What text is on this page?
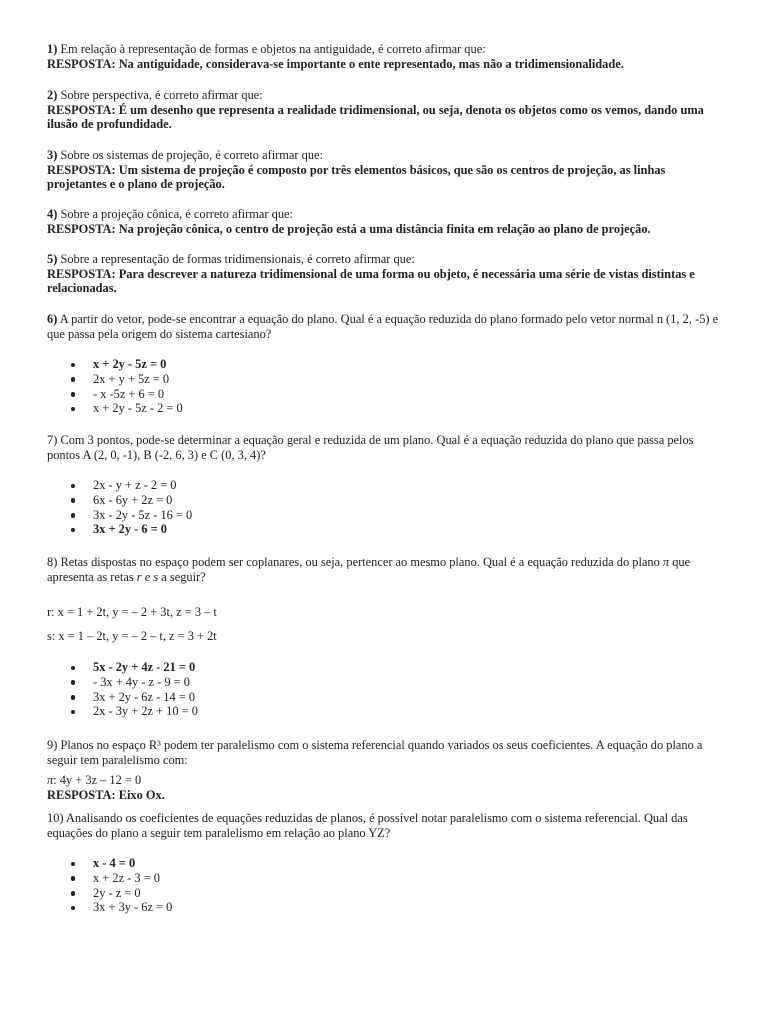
1) Em relação à representação de formas e objetos na antiguidade, é correto afirmar que:
RESPOSTA: Na antiguidade, considerava-se importante o ente representado, mas não a tridimensionalidade.

2) Sobre perspectiva, é correto afirmar que:
RESPOSTA: É um desenho que representa a realidade tridimensional, ou seja, denota os objetos como os vemos, dando uma ilusão de profundidade.

3) Sobre os sistemas de projeção, é correto afirmar que:
RESPOSTA: Um sistema de projeção é composto por três elementos básicos, que são os centros de projeção, as linhas projetantes e o plano de projeção.

4) Sobre a projeção cônica, é correto afirmar que:
RESPOSTA: Na projeção cônica, o centro de projeção está a uma distância finita em relação ao plano de projeção.

5) Sobre a representação de formas tridimensionais, é correto afirmar que:
RESPOSTA: Para descrever a natureza tridimensional de uma forma ou objeto, é necessária uma série de vistas distintas e relacionadas.

6) A partir do vetor, pode-se encontrar a equação do plano. Qual é a equação reduzida do plano formado pelo vetor normal n (1, 2, -5) e que passa pela origem do sistema cartesiano?

x + 2y - 5z = 0
2x + y + 5z = 0
- x -5z + 6 = 0
x + 2y - 5z - 2 = 0

7) Com 3 pontos, pode-se determinar a equação geral e reduzida de um plano. Qual é a equação reduzida do plano que passa pelos pontos A (2, 0, -1), B (-2, 6, 3) e C (0, 3, 4)?

2x - y + z - 2 = 0
6x - 6y + 2z = 0
3x - 2y - 5z - 16 = 0
3x + 2y - 6 = 0

8) Retas dispostas no espaço podem ser coplanares, ou seja, pertencer ao mesmo plano. Qual é a equação reduzida do plano π que apresenta as retas r e s a seguir?

r: x = 1 + 2t, y = – 2 + 3t, z = 3 – t
s: x = 1 – 2t, y = – 2 – t, z = 3 + 2t
5x - 2y + 4z - 21 = 0
- 3x + 4y - z - 9 = 0
3x + 2y - 6z - 14 = 0
2x - 3y + 2z + 10 = 0

9) Planos no espaço R³ podem ter paralelismo com o sistema referencial quando variados os seus coeficientes. A equação do plano a seguir tem paralelismo com:

π: 4y + 3z – 12 = 0
RESPOSTA: Eixo Ox.

10) Analisando os coeficientes de equações reduzidas de planos, é possível notar paralelismo com o sistema referencial. Qual das equações do plano a seguir tem paralelismo em relação ao plano YZ?

x - 4 = 0
x + 2z - 3 = 0
2y - z = 0
3x + 3y - 6z = 0
